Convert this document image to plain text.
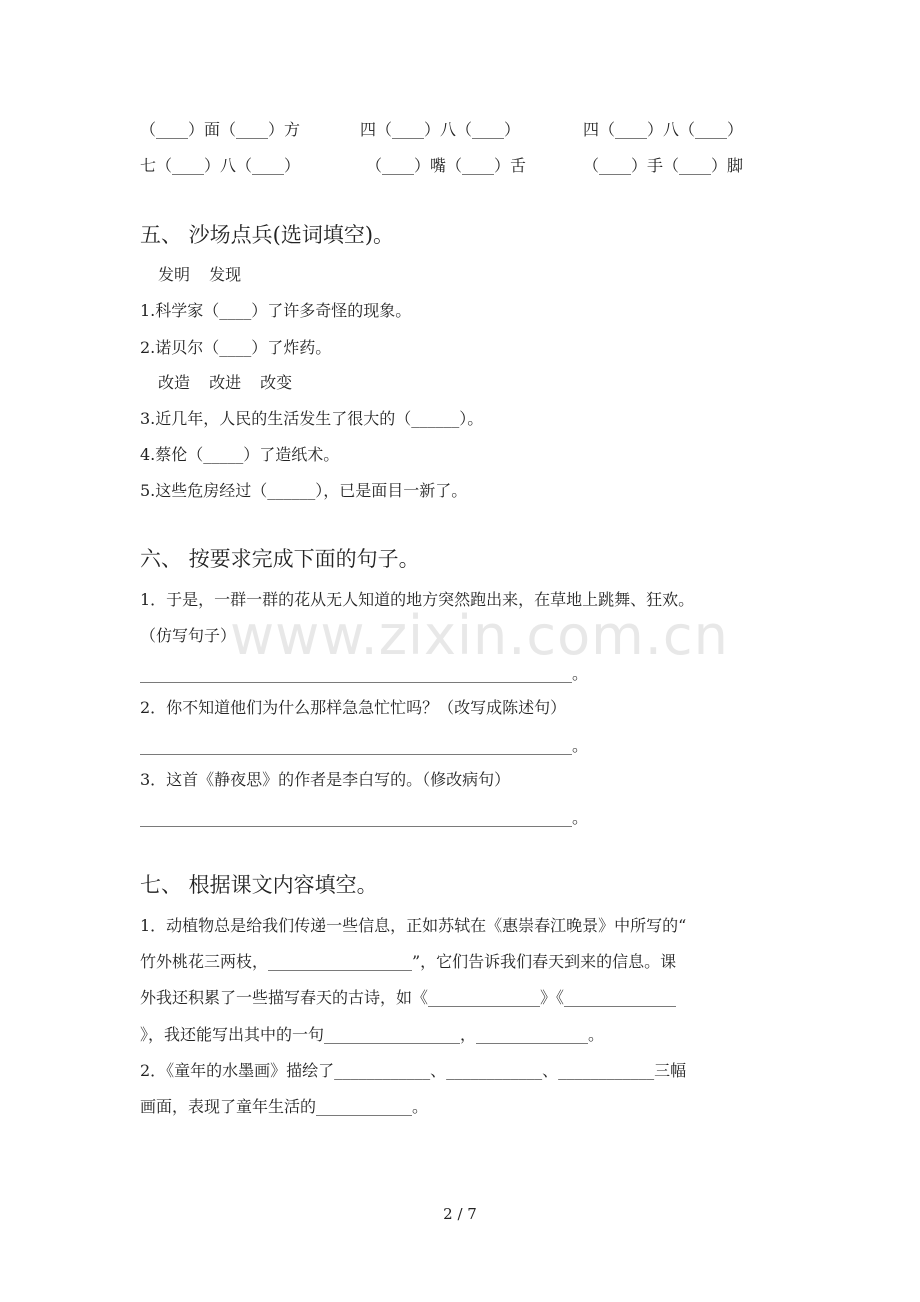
www.zixin.com.cn
（____）面（____）方	四（____）八（____）	四（____）八（____）
七（____）八（____）	（____）嘴（____）舌	（____）手（____）脚
五、 沙场点兵(选词填空)。
发明 发现
1.科学家（____）了许多奇怪的现象。
2.诺贝尔（____）了炸药。
改造 改进 改变
3.近几年，人民的生活发生了很大的（______）。
4.蔡伦（_____）了造纸术。
5.这些危房经过（______），已是面目一新了。
六、 按要求完成下面的句子。
1．于是，一群一群的花从无人知道的地方突然跑出来，在草地上跳舞、狂欢。
（仿写句子）
______________________________________________________。
2．你不知道他们为什么那样急急忙忙吗？（改写成陈述句）
______________________________________________________。
3．这首《静夜思》的作者是李白写的。（修改病句）
______________________________________________________。
七、 根据课文内容填空。
1．动植物总是给我们传递一些信息，正如苏轼在《惠崇春江晚景》中所写的“
竹外桃花三两枝，__________________”，它们告诉我们春天到来的信息。课
外我还积累了一些描写春天的古诗，如《______________》《______________
》，我还能写出其中的一句_________________，______________。
2．《童年的水墨画》描绘了____________、____________、____________三幅
画面，表现了童年生活的____________。
2 / 7
